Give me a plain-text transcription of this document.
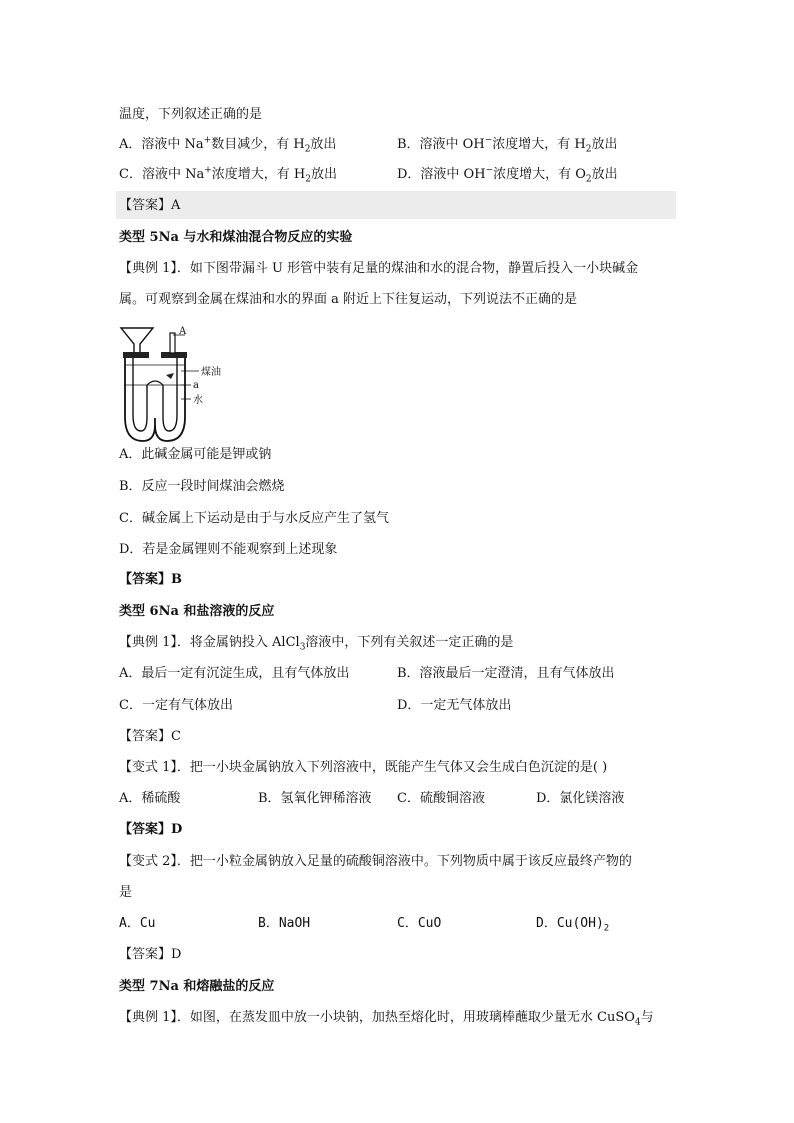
温度，下列叙述正确的是
A．溶液中 Na+数目减少，有 $H_2$放出	B．溶液中 OH−浓度增大，有 $H_2$放出
C．溶液中 Na+浓度增大，有 $H_2$放出	D．溶液中 OH−浓度增大，有 $O_2$放出
【答案】A
类型 5Na 与水和煤油混合物反应的实验
【典例 1】．如下图带漏斗 U 形管中装有足量的煤油和水的混合物，静置后投入一小块碱金
属。可观察到金属在煤油和水的界面 a 附近上下往复运动，下列说法不正确的是
A
煤油
a
水
A．此碱金属可能是钾或钠
B．反应一段时间煤油会燃烧
C．碱金属上下运动是由于与水反应产生了氢气
D．若是金属锂则不能观察到上述现象
【答案】B
类型 6Na 和盐溶液的反应
【典例 1】．将金属钠投入 AlCl$_3$溶液中，下列有关叙述一定正确的是
A．最后一定有沉淀生成，且有气体放出	B．溶液最后一定澄清，且有气体放出
C．一定有气体放出	D．一定无气体放出
【答案】C
【变式 1】．把一小块金属钠放入下列溶液中，既能产生气体又会生成白色沉淀的是( )
A．稀硫酸	B．氢氧化钾稀溶液 C．硫酸铜溶液	D．氯化镁溶液
【答案】D
【变式 2】．把一小粒金属钠放入足量的硫酸铜溶液中。下列物质中属于该反应最终产物的
是
A．Cu	B．NaOH	C．CuO	D．$Cu(OH)_2$
【答案】D
类型 7Na 和熔融盐的反应
【典例 1】．如图，在蒸发皿中放一小块钠，加热至熔化时，用玻璃棒蘸取少量无水 CuSO$_4$与
